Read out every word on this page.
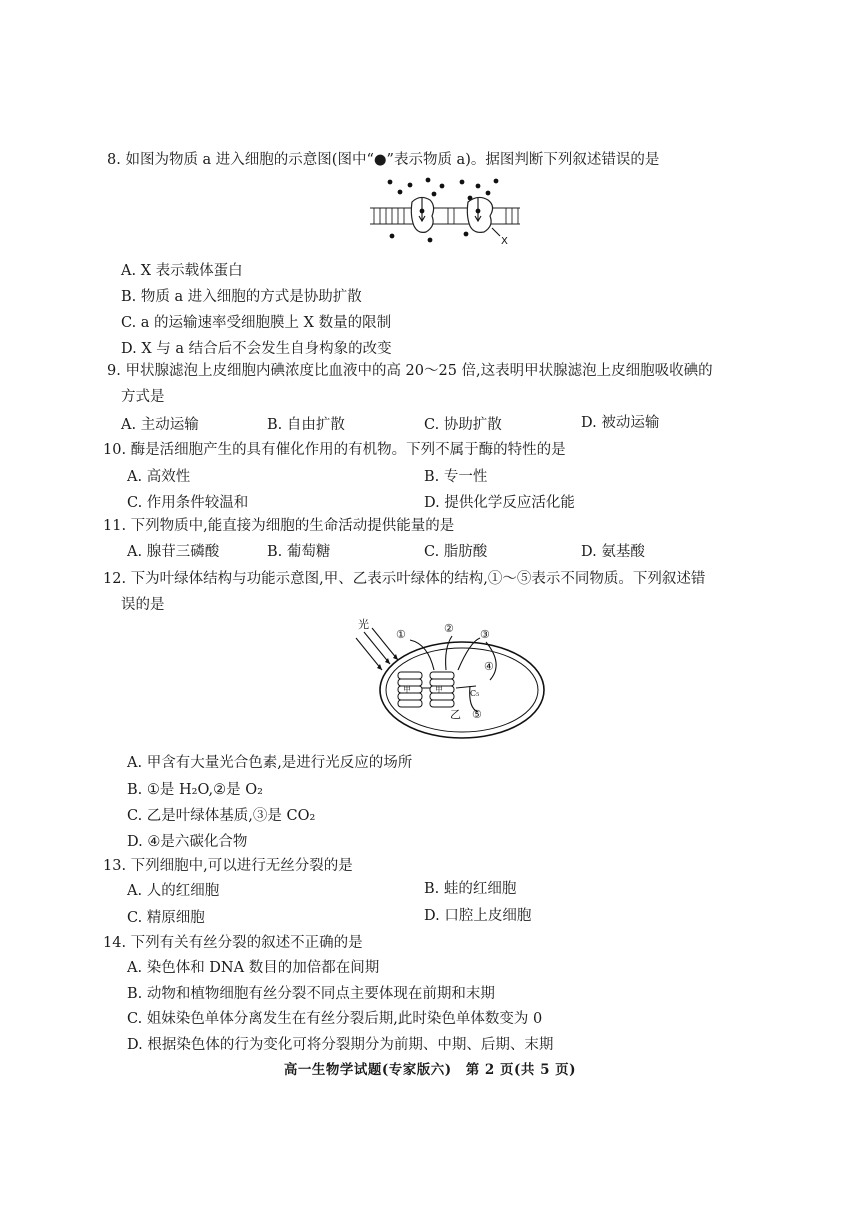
8. 如图为物质 a 进入细胞的示意图(图中“●”表示物质 a)。据图判断下列叙述错误的是
X
A. X 表示载体蛋白
B. 物质 a 进入细胞的方式是协助扩散
C. a 的运输速率受细胞膜上 X 数量的限制
D. X 与 a 结合后不会发生自身构象的改变
9. 甲状腺滤泡上皮细胞内碘浓度比血液中的高 20～25 倍,这表明甲状腺滤泡上皮细胞吸收碘的
方式是
A. 主动运输	B. 自由扩散	C. 协助扩散	D. 被动运输
10. 酶是活细胞产生的具有催化作用的有机物。下列不属于酶的特性的是
A. 高效性	B. 专一性
C. 作用条件较温和	D. 提供化学反应活化能
11. 下列物质中,能直接为细胞的生命活动提供能量的是
A. 腺苷三磷酸	B. 葡萄糖	C. 脂肪酸	D. 氨基酸
12. 下为叶绿体结构与功能示意图,甲、乙表示叶绿体的结构,①～⑤表示不同物质。下列叙述错
误的是
光
①	② ③
④
C₅
乙 ⑤
甲	甲
A. 甲含有大量光合色素,是进行光反应的场所
B. ①是 H₂O,②是 O₂
C. 乙是叶绿体基质,③是 CO₂
D. ④是六碳化合物
13. 下列细胞中,可以进行无丝分裂的是
A. 人的红细胞	B. 蛙的红细胞
C. 精原细胞	D. 口腔上皮细胞
14. 下列有关有丝分裂的叙述不正确的是
A. 染色体和 DNA 数目的加倍都在间期
B. 动物和植物细胞有丝分裂不同点主要体现在前期和末期
C. 姐妹染色单体分离发生在有丝分裂后期,此时染色单体数变为 0
D. 根据染色体的行为变化可将分裂期分为前期、中期、后期、末期
高一生物学试题(专家版六)　第 2 页(共 5 页)
